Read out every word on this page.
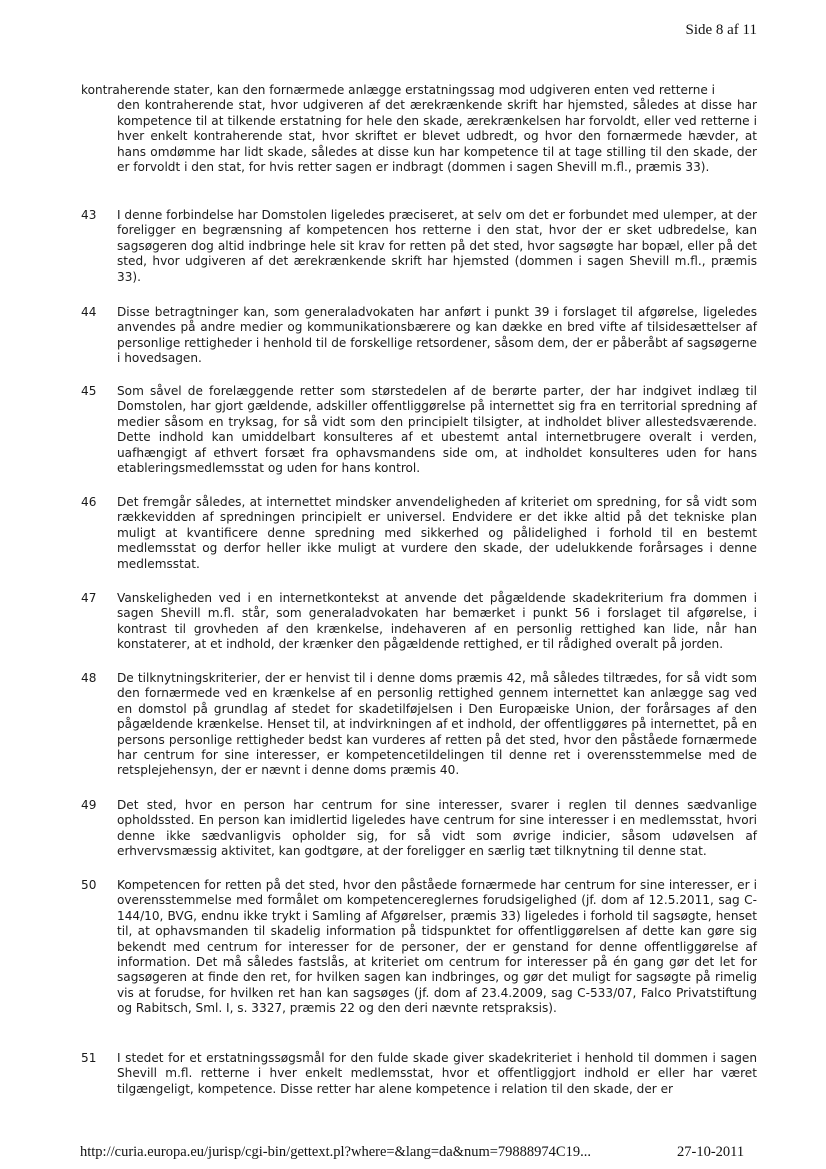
Side 8 af 11
kontraherende stater, kan den fornærmede anlægge erstatningssag mod udgiveren enten ved retterne i
den kontraherende stat, hvor udgiveren af det ærekrænkende skrift har hjemsted, således at disse har kompetence til at tilkende erstatning for hele den skade, ærekrænkelsen har forvoldt, eller ved retterne i hver enkelt kontraherende stat, hvor skriftet er blevet udbredt, og hvor den fornærmede hævder, at hans omdømme har lidt skade, således at disse kun har kompetence til at tage stilling til den skade, der er forvoldt i den stat, for hvis retter sagen er indbragt (dommen i sagen Shevill m.fl., præmis 33).
43	I denne forbindelse har Domstolen ligeledes præciseret, at selv om det er forbundet med ulemper, at der foreligger en begrænsning af kompetencen hos retterne i den stat, hvor der er sket udbredelse, kan sagsøgeren dog altid indbringe hele sit krav for retten på det sted, hvor sagsøgte har bopæl, eller på det sted, hvor udgiveren af det ærekrænkende skrift har hjemsted (dommen i sagen Shevill m.fl., præmis 33).
44	Disse betragtninger kan, som generaladvokaten har anført i punkt 39 i forslaget til afgørelse, ligeledes anvendes på andre medier og kommunikationsbærere og kan dække en bred vifte af tilsidesættelser af personlige rettigheder i henhold til de forskellige retsordener, såsom dem, der er påberåbt af sagsøgerne i hovedsagen.
45	Som såvel de forelæggende retter som størstedelen af de berørte parter, der har indgivet indlæg til Domstolen, har gjort gældende, adskiller offentliggørelse på internettet sig fra en territorial spredning af medier såsom en tryksag, for så vidt som den principielt tilsigter, at indholdet bliver allestedsværende. Dette indhold kan umiddelbart konsulteres af et ubestemt antal internetbrugere overalt i verden, uafhængigt af ethvert forsæt fra ophavsmandens side om, at indholdet konsulteres uden for hans etableringsmedlemsstat og uden for hans kontrol.
46	Det fremgår således, at internettet mindsker anvendeligheden af kriteriet om spredning, for så vidt som rækkevidden af spredningen principielt er universel. Endvidere er det ikke altid på det tekniske plan muligt at kvantificere denne spredning med sikkerhed og pålidelighed i forhold til en bestemt medlemsstat og derfor heller ikke muligt at vurdere den skade, der udelukkende forårsages i denne medlemsstat.
47	Vanskeligheden ved i en internetkontekst at anvende det pågældende skadekriterium fra dommen i sagen Shevill m.fl. står, som generaladvokaten har bemærket i punkt 56 i forslaget til afgørelse, i kontrast til grovheden af den krænkelse, indehaveren af en personlig rettighed kan lide, når han konstaterer, at et indhold, der krænker den pågældende rettighed, er til rådighed overalt på jorden.
48	De tilknytningskriterier, der er henvist til i denne doms præmis 42, må således tiltrædes, for så vidt som den fornærmede ved en krænkelse af en personlig rettighed gennem internettet kan anlægge sag ved en domstol på grundlag af stedet for skadetilføjelsen i Den Europæiske Union, der forårsages af den pågældende krænkelse. Henset til, at indvirkningen af et indhold, der offentliggøres på internettet, på en persons personlige rettigheder bedst kan vurderes af retten på det sted, hvor den påståede fornærmede har centrum for sine interesser, er kompetencetildelingen til denne ret i overensstemmelse med de retsplejehensyn, der er nævnt i denne doms præmis 40.
49	Det sted, hvor en person har centrum for sine interesser, svarer i reglen til dennes sædvanlige opholdssted. En person kan imidlertid ligeledes have centrum for sine interesser i en medlemsstat, hvori denne ikke sædvanligvis opholder sig, for så vidt som øvrige indicier, såsom udøvelsen af erhvervsmæssig aktivitet, kan godtgøre, at der foreligger en særlig tæt tilknytning til denne stat.
50	Kompetencen for retten på det sted, hvor den påståede fornærmede har centrum for sine interesser, er i overensstemmelse med formålet om kompetencereglernes forudsigelighed (jf. dom af 12.5.2011, sag C-144/10, BVG, endnu ikke trykt i Samling af Afgørelser, præmis 33) ligeledes i forhold til sagsøgte, henset til, at ophavsmanden til skadelig information på tidspunktet for offentliggørelsen af dette kan gøre sig bekendt med centrum for interesser for de personer, der er genstand for denne offentliggørelse af information. Det må således fastslås, at kriteriet om centrum for interesser på én gang gør det let for sagsøgeren at finde den ret, for hvilken sagen kan indbringes, og gør det muligt for sagsøgte på rimelig vis at forudse, for hvilken ret han kan sagsøges (jf. dom af 23.4.2009, sag C-533/07, Falco Privatstiftung og Rabitsch, Sml. I, s. 3327, præmis 22 og den deri nævnte retspraksis).
51	I stedet for et erstatningssøgsmål for den fulde skade giver skadekriteriet i henhold til dommen i sagen Shevill m.fl. retterne i hver enkelt medlemsstat, hvor et offentliggjort indhold er eller har været tilgængeligt, kompetence. Disse retter har alene kompetence i relation til den skade, der er
http://curia.europa.eu/jurisp/cgi-bin/gettext.pl?where=&lang=da&num=79888974C19...	27-10-2011
